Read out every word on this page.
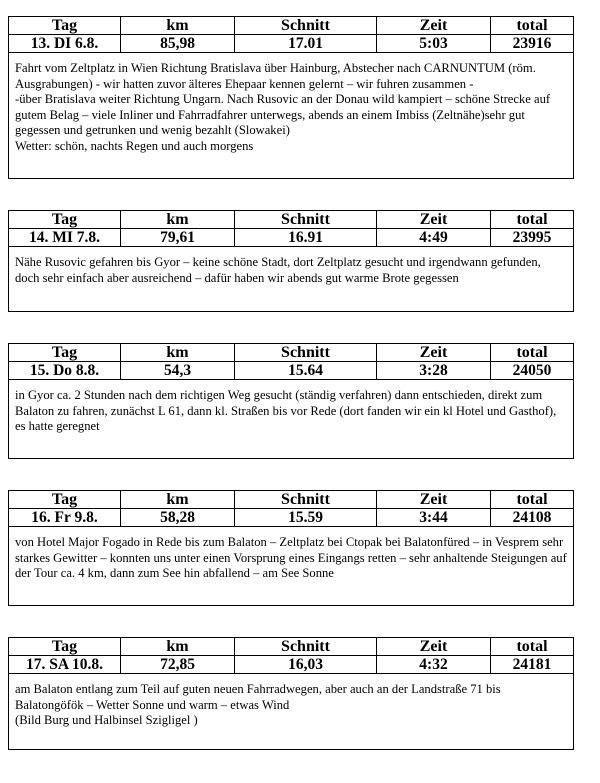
Tag	km	Schnitt	Zeit	total
13. DI 6.8.	85,98	17.01	5:03	23916
Fahrt vom Zeltplatz in Wien Richtung Bratislava über Hainburg, Abstecher nach CARNUNTUM (röm. Ausgrabungen) - wir hatten zuvor älteres Ehepaar kennen gelernt – wir fuhren zusammen -
-über Bratislava weiter Richtung Ungarn. Nach Rusovic an der Donau wild kampiert – schöne Strecke auf gutem Belag – viele Inliner und Fahrradfahrer unterwegs, abends an einem Imbiss (Zeltnähe)sehr gut gegessen und getrunken und wenig bezahlt (Slowakei)
Wetter: schön, nachts Regen und auch morgens
Tag	km	Schnitt	Zeit	total
14. MI 7.8.	79,61	16.91	4:49	23995
Nähe Rusovic gefahren bis Gyor – keine schöne Stadt, dort Zeltplatz gesucht und irgendwann gefunden, doch sehr einfach aber ausreichend – dafür haben wir abends gut warme Brote gegessen
Tag	km	Schnitt	Zeit	total
15. Do 8.8.	54,3	15.64	3:28	24050
in Gyor ca. 2 Stunden nach dem richtigen Weg gesucht (ständig verfahren) dann entschieden, direkt zum Balaton zu fahren, zunächst L 61, dann kl. Straßen bis vor Rede (dort fanden wir ein kl Hotel und Gasthof), es hatte geregnet
Tag	km	Schnitt	Zeit	total
16. Fr 9.8.	58,28	15.59	3:44	24108
von Hotel Major Fogado in Rede bis zum Balaton – Zeltplatz bei Ctopak bei Balatonfüred – in Vesprem sehr starkes Gewitter – konnten uns unter einen Vorsprung eines Eingangs retten – sehr anhaltende Steigungen auf der Tour ca. 4 km, dann zum See hin abfallend – am See Sonne
Tag	km	Schnitt	Zeit	total
17. SA 10.8.	72,85	16,03	4:32	24181
am Balaton entlang zum Teil auf guten neuen Fahrradwegen, aber auch an der Landstraße 71 bis Balatongöfök – Wetter Sonne und warm – etwas Wind
(Bild Burg und Halbinsel Szigligel )
